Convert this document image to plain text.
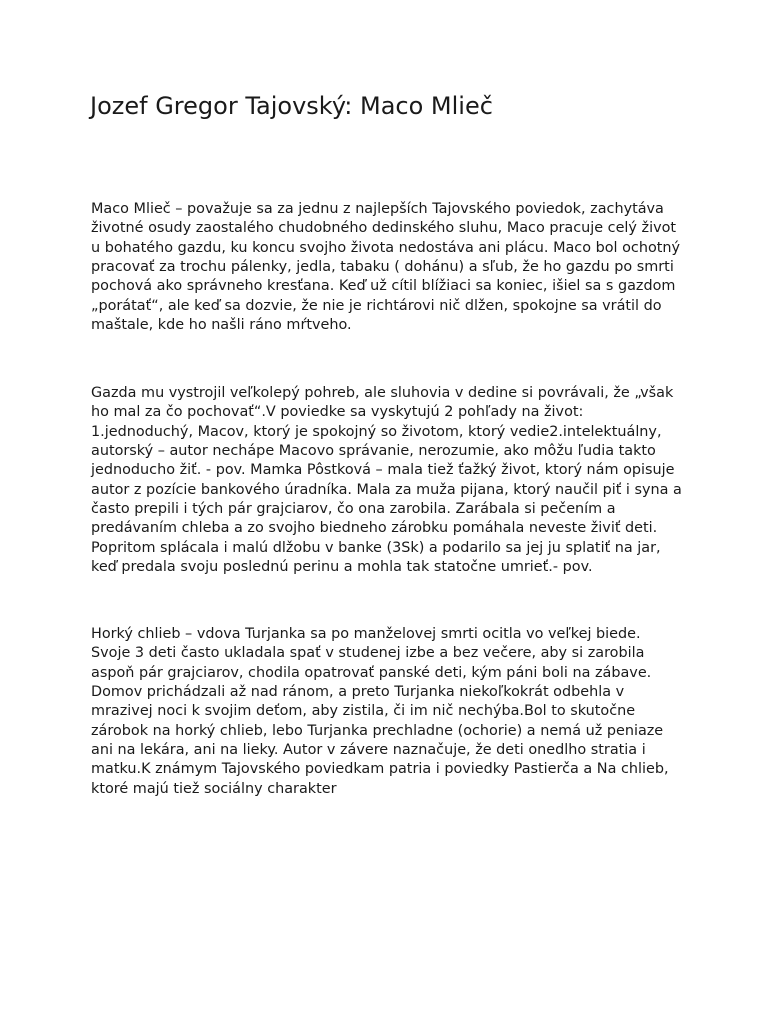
Jozef Gregor Tajovský: Maco Mlieč

Maco Mlieč – považuje sa za jednu z najlepších Tajovského poviedok, zachytáva
životné osudy zaostalého chudobného dedinského sluhu, Maco pracuje celý život
u bohatého gazdu, ku koncu svojho života nedostáva ani plácu. Maco bol ochotný
pracovať za trochu pálenky, jedla, tabaku ( dohánu) a sľub, že ho gazdu po smrti
pochová ako správneho kresťana. Keď už cítil blížiaci sa koniec, išiel sa s gazdom
„porátať“, ale keď sa dozvie, že nie je richtárovi nič dlžen, spokojne sa vrátil do
maštale, kde ho našli ráno mŕtveho.

Gazda mu vystrojil veľkolepý pohreb, ale sluhovia v dedine si povrávali, že „však
ho mal za čo pochovať“.V poviedke sa vyskytujú 2 pohľady na život:
1.jednoduchý, Macov, ktorý je spokojný so životom, ktorý vedie2.intelektuálny,
autorský – autor nechápe Macovo správanie, nerozumie, ako môžu ľudia takto
jednoducho žiť. - pov. Mamka Pôstková – mala tiež ťažký život, ktorý nám opisuje
autor z pozície bankového úradníka. Mala za muža pijana, ktorý naučil piť i syna a
často prepili i tých pár grajciarov, čo ona zarobila. Zarábala si pečením a
predávaním chleba a zo svojho biedneho zárobku pomáhala neveste živiť deti.
Popritom splácala i malú dlžobu v banke (3Sk) a podarilo sa jej ju splatiť na jar,
keď predala svoju poslednú perinu a mohla tak statočne umrieť.- pov.

Horký chlieb – vdova Turjanka sa po manželovej smrti ocitla vo veľkej biede.
Svoje 3 deti často ukladala spať v studenej izbe a bez večere, aby si zarobila
aspoň pár grajciarov, chodila opatrovať panské deti, kým páni boli na zábave.
Domov prichádzali až nad ránom, a preto Turjanka niekoľkokrát odbehla v
mrazivej noci k svojim deťom, aby zistila, či im nič nechýba.Bol to skutočne
zárobok na horký chlieb, lebo Turjanka prechladne (ochorie) a nemá už peniaze
ani na lekára, ani na lieky. Autor v závere naznačuje, že deti onedlho stratia i
matku.K známym Tajovského poviedkam patria i poviedky Pastierča a Na chlieb,
ktoré majú tiež sociálny charakter
